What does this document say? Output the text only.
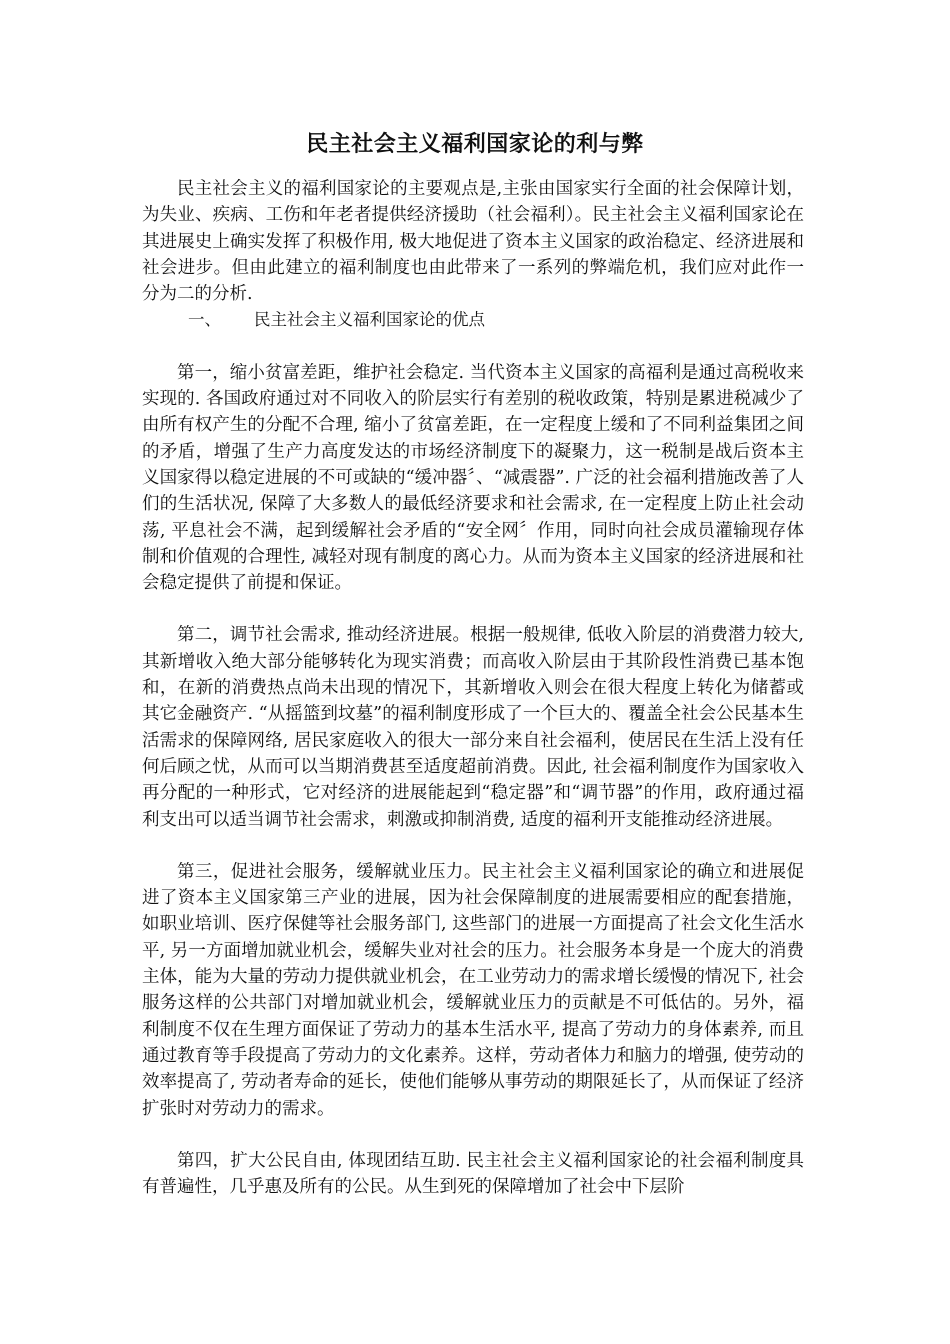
民主社会主义福利国家论的利与弊

民主社会主义的福利国家论的主要观点是,主张由国家实行全面的社会保障计划，为失业、疾病、工伤和年老者提供经济援助（社会福利）。民主社会主义福利国家论在其进展史上确实发挥了积极作用, 极大地促进了资本主义国家的政治稳定、经济进展和社会进步。但由此建立的福利制度也由此带来了一系列的弊端危机，我们应对此作一分为二的分析.

一、 民主社会主义福利国家论的优点

第一，缩小贫富差距，维护社会稳定. 当代资本主义国家的高福利是通过高税收来实现的. 各国政府通过对不同收入的阶层实行有差别的税收政策，特别是累进税减少了由所有权产生的分配不合理, 缩小了贫富差距，在一定程度上缓和了不同利益集团之间的矛盾，增强了生产力高度发达的市场经济制度下的凝聚力，这一税制是战后资本主义国家得以稳定进展的不可或缺的“缓冲器〞、“减震器”. 广泛的社会福利措施改善了人们的生活状况, 保障了大多数人的最低经济要求和社会需求, 在一定程度上防止社会动荡, 平息社会不满，起到缓解社会矛盾的“安全网〞作用，同时向社会成员灌输现存体制和价值观的合理性, 减轻对现有制度的离心力。从而为资本主义国家的经济进展和社会稳定提供了前提和保证。

第二，调节社会需求, 推动经济进展。根据一般规律, 低收入阶层的消费潜力较大, 其新增收入绝大部分能够转化为现实消费；而高收入阶层由于其阶段性消费已基本饱和，在新的消费热点尚未出现的情况下，其新增收入则会在很大程度上转化为储蓄或其它金融资产. “从摇篮到坟墓”的福利制度形成了一个巨大的、覆盖全社会公民基本生活需求的保障网络, 居民家庭收入的很大一部分来自社会福利，使居民在生活上没有任何后顾之忧，从而可以当期消费甚至适度超前消费。因此, 社会福利制度作为国家收入再分配的一种形式，它对经济的进展能起到“稳定器”和“调节器”的作用，政府通过福利支出可以适当调节社会需求，刺激或抑制消费, 适度的福利开支能推动经济进展。

第三，促进社会服务，缓解就业压力。民主社会主义福利国家论的确立和进展促进了资本主义国家第三产业的进展，因为社会保障制度的进展需要相应的配套措施，如职业培训、医疗保健等社会服务部门, 这些部门的进展一方面提高了社会文化生活水平, 另一方面增加就业机会，缓解失业对社会的压力。社会服务本身是一个庞大的消费主体，能为大量的劳动力提供就业机会，在工业劳动力的需求增长缓慢的情况下, 社会服务这样的公共部门对增加就业机会，缓解就业压力的贡献是不可低估的。另外，福利制度不仅在生理方面保证了劳动力的基本生活水平, 提高了劳动力的身体素养, 而且通过教育等手段提高了劳动力的文化素养。这样，劳动者体力和脑力的增强, 使劳动的效率提高了, 劳动者寿命的延长，使他们能够从事劳动的期限延长了，从而保证了经济扩张时对劳动力的需求。

第四，扩大公民自由, 体现团结互助. 民主社会主义福利国家论的社会福利制度具有普遍性，几乎惠及所有的公民。从生到死的保障增加了社会中下层阶
